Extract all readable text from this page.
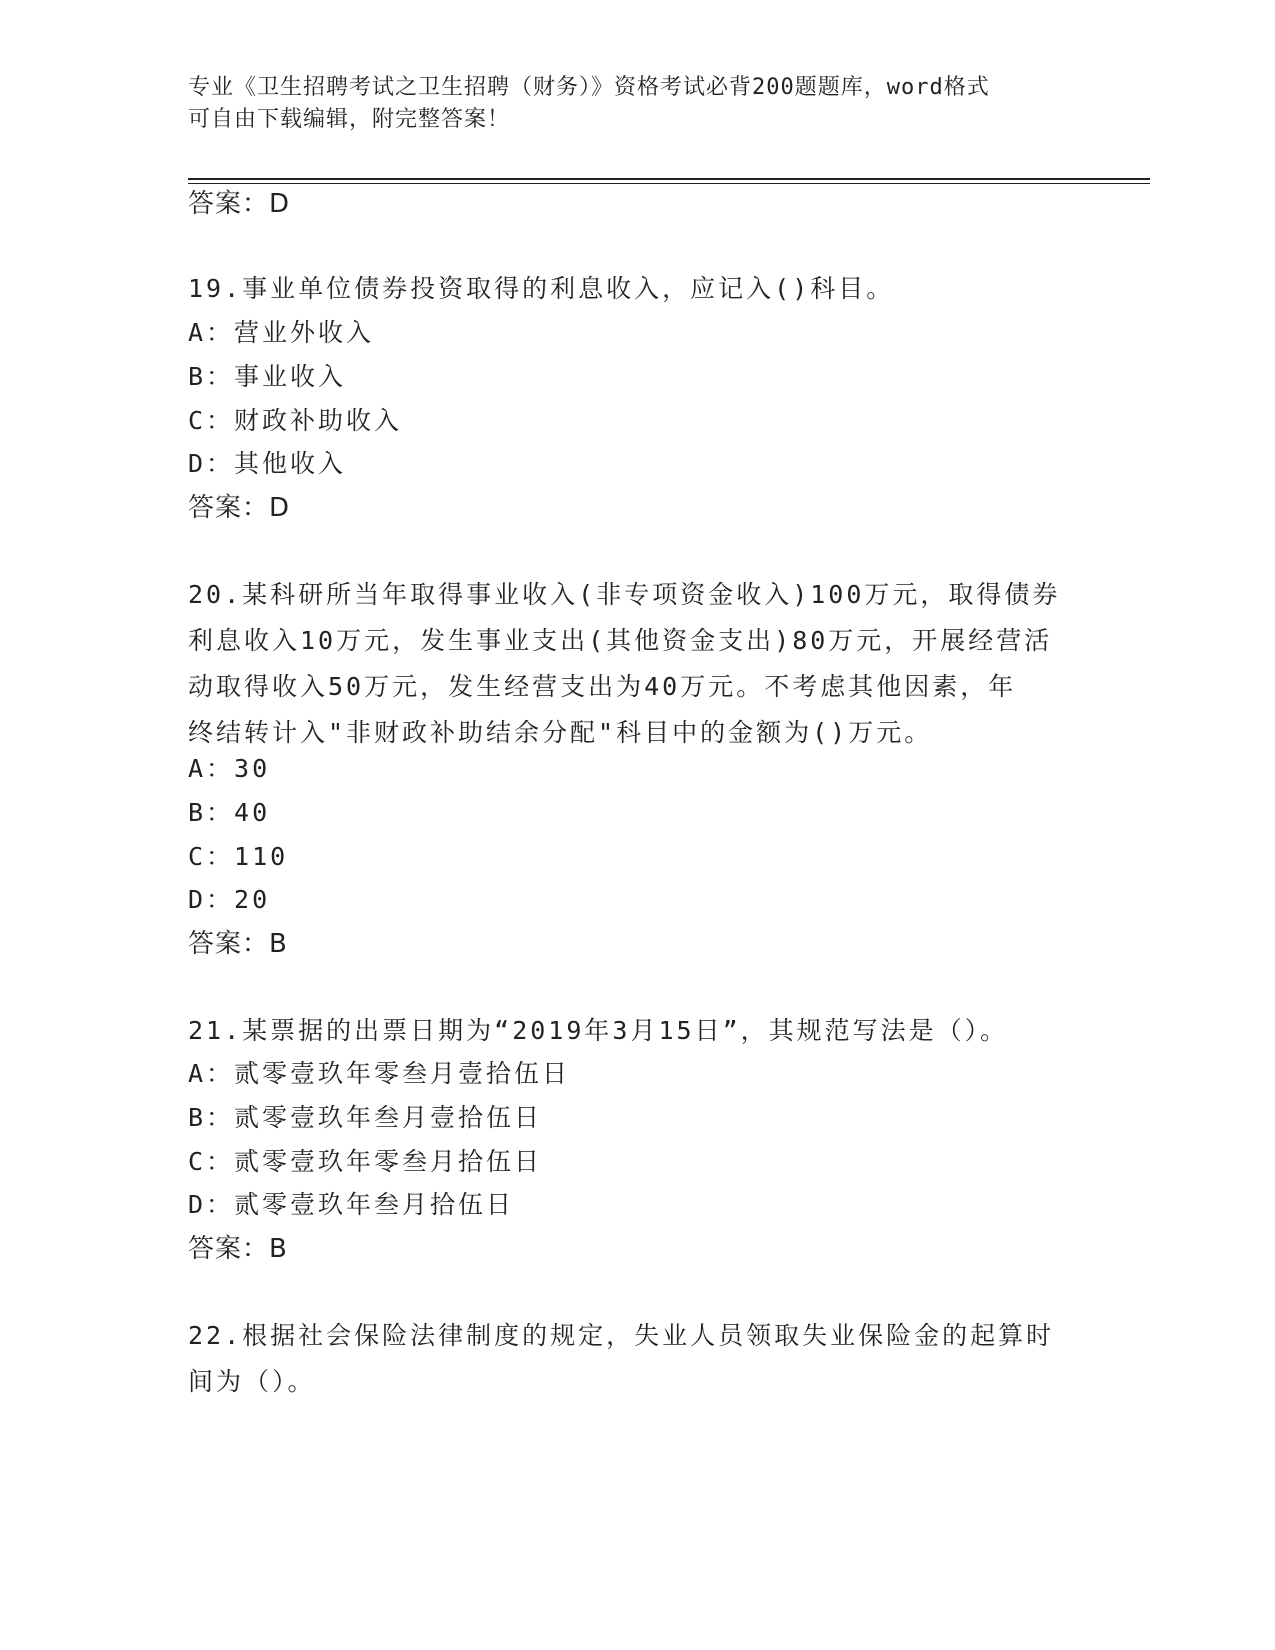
专业《卫生招聘考试之卫生招聘（财务）》资格考试必背200题题库，word格式
可自由下载编辑，附完整答案！
答案：D
19.事业单位债券投资取得的利息收入，应记入()科目。
A：营业外收入
B：事业收入
C：财政补助收入
D：其他收入
答案：D
20.某科研所当年取得事业收入(非专项资金收入)100万元，取得债券
利息收入10万元，发生事业支出(其他资金支出)80万元，开展经营活
动取得收入50万元，发生经营支出为40万元。不考虑其他因素，年
终结转计入"非财政补助结余分配"科目中的金额为()万元。
A：30
B：40
C：110
D：20
答案：B
21.某票据的出票日期为“2019年3月15日”，其规范写法是（）。
A：贰零壹玖年零叁月壹拾伍日
B：贰零壹玖年叁月壹拾伍日
C：贰零壹玖年零叁月拾伍日
D：贰零壹玖年叁月拾伍日
答案：B
22.根据社会保险法律制度的规定，失业人员领取失业保险金的起算时
间为（）。
